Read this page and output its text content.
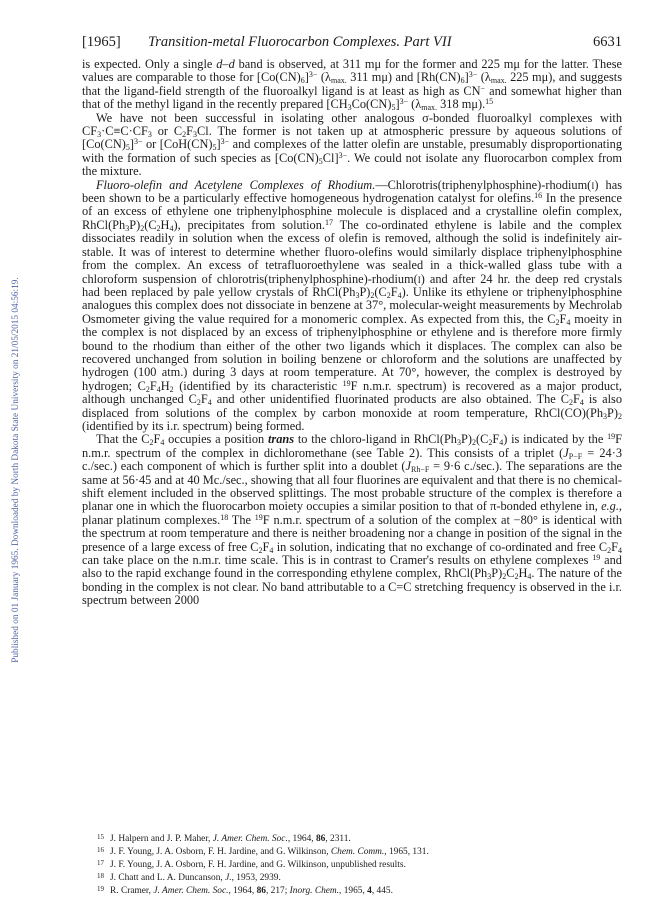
[1965] Transition-metal Fluorocarbon Complexes. Part VII	6631
Published on 01 January 1965. Downloaded by North Dakota State University on 21/05/2015 04:56:19.

is expected. Only a single d–d band is observed, at 311 mμ for the former and 225 mμ for the latter. These values are comparable to those for $[Co(CN)_6]^{3-}$ ($\lambda_{max.}$ 311 mμ) and $[Rh(CN)_6]^{3-}$ ($\lambda_{max.}$ 225 mμ), and suggests that the ligand-field strength of the fluoroalkyl ligand is at least as high as CN− and somewhat higher than that of the methyl ligand in the recently prepared $[CH_3Co(CN)_5]^{3-}$ ($\lambda_{max.}$ 318 mμ).$^{15}$

We have not been successful in isolating other analogous σ-bonded fluoroalkyl complexes with $CF_3\cdot C\equiv C\cdot CF_3$ or $C_2F_3Cl$. The former is not taken up at atmospheric pressure by aqueous solutions of $[Co(CN)_5]^{3-}$ or $[CoH(CN)_5]^{3-}$ and complexes of the latter olefin are unstable, presumably disproportionating with the formation of such species as $[Co(CN)_5Cl]^{3-}$. We could not isolate any fluorocarbon complex from the mixture.

Fluoro-olefin and Acetylene Complexes of Rhodium.—Chlorotris(triphenylphosphine)-rhodium(i) has been shown to be a particularly effective homogeneous hydrogenation catalyst for olefins.$^{16}$ In the presence of an excess of ethylene one triphenylphosphine molecule is displaced and a crystalline olefin complex, $RhCl(Ph_3P)_2(C_2H_4)$, precipitates from solution.$^{17}$ The co-ordinated ethylene is labile and the complex dissociates readily in solution when the excess of olefin is removed, although the solid is indefinitely air-stable. It was of interest to determine whether fluoro-olefins would similarly displace triphenylphosphine from the complex. An excess of tetrafluoroethylene was sealed in a thick-walled glass tube with a chloroform suspension of chlorotris(triphenylphosphine)-rhodium(i) and after 24 hr. the deep red crystals had been replaced by pale yellow crystals of $RhCl(Ph_3P)_2(C_2F_4)$. Unlike its ethylene or triphenylphosphine analogues this complex does not dissociate in benzene at 37°, molecular-weight measurements by Mechrolab Osmometer giving the value required for a monomeric complex. As expected from this, the $C_2F_4$ moeity in the complex is not displaced by an excess of triphenylphosphine or ethylene and is therefore more firmly bound to the rhodium than either of the other two ligands which it displaces. The complex can also be recovered unchanged from solution in boiling benzene or chloroform and the solutions are unaffected by hydrogen (100 atm.) during 3 days at room temperature. At 70°, however, the complex is destroyed by hydrogen; $C_2F_4H_2$ (identified by its characteristic $^{19}$F n.m.r. spectrum) is recovered as a major product, although unchanged $C_2F_4$ and other unidentified fluorinated products are also obtained. The $C_2F_4$ is also displaced from solutions of the complex by carbon monoxide at room temperature, $RhCl(CO)(Ph_3P)_2$ (identified by its i.r. spectrum) being formed.

That the $C_2F_4$ occupies a position trans to the chloro-ligand in $RhCl(Ph_3P)_2(C_2F_4)$ is indicated by the $^{19}$F n.m.r. spectrum of the complex in dichloromethane (see Table 2). This consists of a triplet ($J_{P-F} = 24\cdot 3$ c./sec.) each component of which is further split into a doublet ($J_{Rh-F} = 9\cdot 6$ c./sec.). The separations are the same at 56·45 and at 40 Mc./sec., showing that all four fluorines are equivalent and that there is no chemical-shift element included in the observed splittings. The most probable structure of the complex is therefore a planar one in which the fluorocarbon moiety occupies a similar position to that of π-bonded ethylene in, e.g., planar platinum complexes.$^{18}$ The $^{19}$F n.m.r. spectrum of a solution of the complex at −80° is identical with the spectrum at room temperature and there is neither broadening nor a change in position of the signal in the presence of a large excess of free $C_2F_4$ in solution, indicating that no exchange of co-ordinated and free $C_2F_4$ can take place on the n.m.r. time scale. This is in contrast to Cramer's results on ethylene complexes $^{19}$ and also to the rapid exchange found in the corresponding ethylene complex, $RhCl(Ph_3P)_2C_2H_4$. The nature of the bonding in the complex is not clear. No band attributable to a C=C stretching frequency is observed in the i.r. spectrum between 2000

15 J. Halpern and J. P. Maher, J. Amer. Chem. Soc., 1964, 86, 2311.
16 J. F. Young, J. A. Osborn, F. H. Jardine, and G. Wilkinson, Chem. Comm., 1965, 131.
17 J. F. Young, J. A. Osborn, F. H. Jardine, and G. Wilkinson, unpublished results.
18 J. Chatt and L. A. Duncanson, J., 1953, 2939.
19 R. Cramer, J. Amer. Chem. Soc., 1964, 86, 217; Inorg. Chem., 1965, 4, 445.
